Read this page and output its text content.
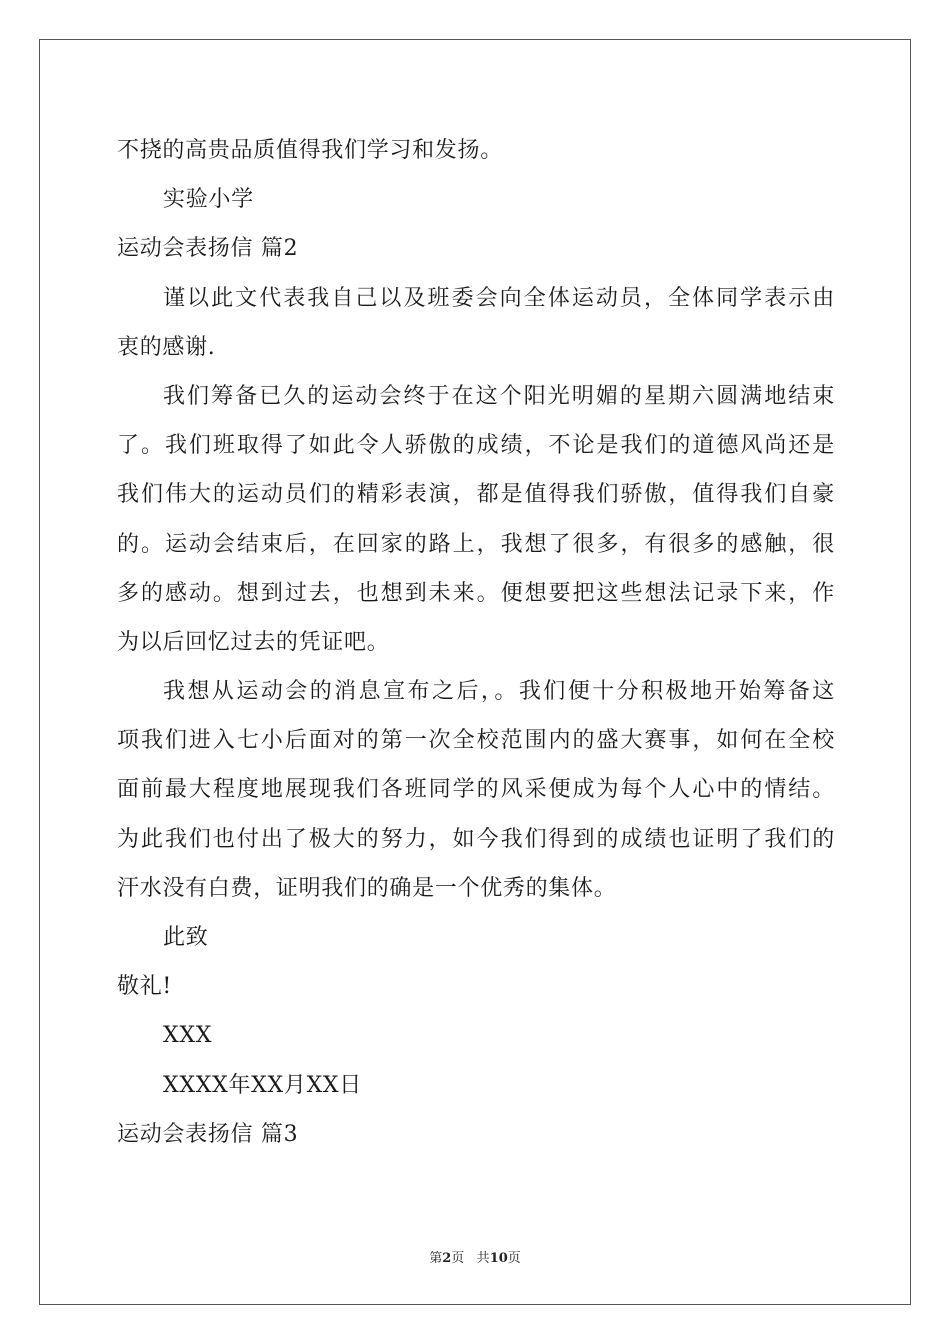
不挠的高贵品质值得我们学习和发扬。
实验小学
运动会表扬信 篇2
谨以此文代表我自己以及班委会向全体运动员，全体同学表示由
衷的感谢.
我们筹备已久的运动会终于在这个阳光明媚的星期六圆满地结束
了。我们班取得了如此令人骄傲的成绩，不论是我们的道德风尚还是
我们伟大的运动员们的精彩表演，都是值得我们骄傲，值得我们自豪
的。运动会结束后，在回家的路上，我想了很多，有很多的感触，很
多的感动。想到过去，也想到未来。便想要把这些想法记录下来，作
为以后回忆过去的凭证吧。
我想从运动会的消息宣布之后，。我们便十分积极地开始筹备这
项我们进入七小后面对的第一次全校范围内的盛大赛事，如何在全校
面前最大程度地展现我们各班同学的风采便成为每个人心中的情结。
为此我们也付出了极大的努力，如今我们得到的成绩也证明了我们的
汗水没有白费，证明我们的确是一个优秀的集体。
此致
敬礼!
XXX
XXXX年XX月XX日
运动会表扬信 篇3
第2页 共10页
